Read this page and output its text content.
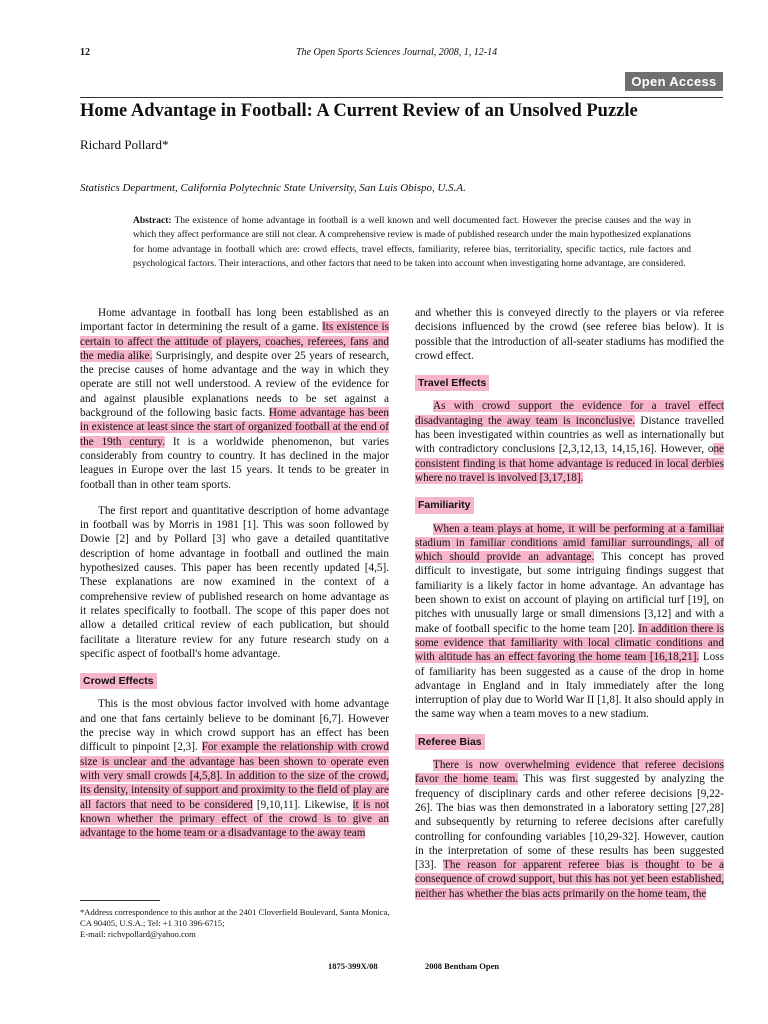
12	The Open Sports Sciences Journal, 2008, 1, 12-14
Open Access
Home Advantage in Football: A Current Review of an Unsolved Puzzle
Richard Pollard*
Statistics Department, California Polytechnic State University, San Luis Obispo, U.S.A.
Abstract: The existence of home advantage in football is a well known and well documented fact. However the precise causes and the way in which they affect performance are still not clear. A comprehensive review is made of published research under the main hypothesized explanations for home advantage in football which are: crowd effects, travel effects, familiarity, referee bias, territoriality, specific tactics, rule factors and psychological factors. Their interactions, and other factors that need to be taken into account when investigating home advantage, are considered.

Home advantage in football has long been established as an important factor in determining the result of a game. Its existence is certain to affect the attitude of players, coaches, referees, fans and the media alike. Surprisingly, and despite over 25 years of research, the precise causes of home advantage and the way in which they operate are still not well understood. A review of the evidence for and against plausible explanations needs to be set against a background of the following basic facts. Home advantage has been in existence at least since the start of organized football at the end of the 19th century. It is a worldwide phenomenon, but varies considerably from country to country. It has declined in the major leagues in Europe over the last 15 years. It tends to be greater in football than in other team sports.

The first report and quantitative description of home advantage in football was by Morris in 1981 [1]. This was soon followed by Dowie [2] and by Pollard [3] who gave a detailed quantitative description of home advantage in football and outlined the main hypothesized causes. This paper has been recently updated [4,5]. These explanations are now examined in the context of a comprehensive review of published research on home advantage as it relates specifically to football. The scope of this paper does not allow a detailed critical review of each publication, but should facilitate a literature review for any future research study on a specific aspect of football's home advantage.

Crowd Effects

This is the most obvious factor involved with home advantage and one that fans certainly believe to be dominant [6,7]. However the precise way in which crowd support has an effect has been difficult to pinpoint [2,3]. For example the relationship with crowd size is unclear and the advantage has been shown to operate even with very small crowds [4,5,8]. In addition to the size of the crowd, its density, intensity of support and proximity to the field of play are all factors that need to be considered [9,10,11]. Likewise, it is not known whether the primary effect of the crowd is to give an advantage to the home team or a disadvantage to the away team

and whether this is conveyed directly to the players or via referee decisions influenced by the crowd (see referee bias below). It is possible that the introduction of all-seater stadiums has modified the crowd effect.

Travel Effects

As with crowd support the evidence for a travel effect disadvantaging the away team is inconclusive. Distance travelled has been investigated within countries as well as internationally but with contradictory conclusions [2,3,12,13, 14,15,16]. However, one consistent finding is that home advantage is reduced in local derbies where no travel is involved [3,17,18].

Familiarity

When a team plays at home, it will be performing at a familiar stadium in familiar conditions amid familiar surroundings, all of which should provide an advantage. This concept has proved difficult to investigate, but some intriguing findings suggest that familiarity is a likely factor in home advantage. An advantage has been shown to exist on account of playing on artificial turf [19], on pitches with unusually large or small dimensions [3,12] and with a make of football specific to the home team [20]. In addition there is some evidence that familiarity with local climatic conditions and with altitude has an effect favoring the home team [16,18,21]. Loss of familiarity has been suggested as a cause of the drop in home advantage in England and in Italy immediately after the long interruption of play due to World War II [1,8]. It also should apply in the same way when a team moves to a new stadium.

Referee Bias

There is now overwhelming evidence that referee decisions favor the home team. This was first suggested by analyzing the frequency of disciplinary cards and other referee decisions [9,22-26]. The bias was then demonstrated in a laboratory setting [27,28] and subsequently by returning to referee decisions after carefully controlling for confounding variables [10,29-32]. However, caution in the interpretation of some of these results has been suggested [33]. The reason for apparent referee bias is thought to be a consequence of crowd support, but this has not yet been established, neither has whether the bias acts primarily on the home team, the

*Address correspondence to this author at the 2401 Cloverfield Boulevard, Santa Monica, CA 90405, U.S.A.; Tel: +1 310 396-6715;
E-mail: richvpollard@yahoo.com
1875-399X/08	2008 Bentham Open
